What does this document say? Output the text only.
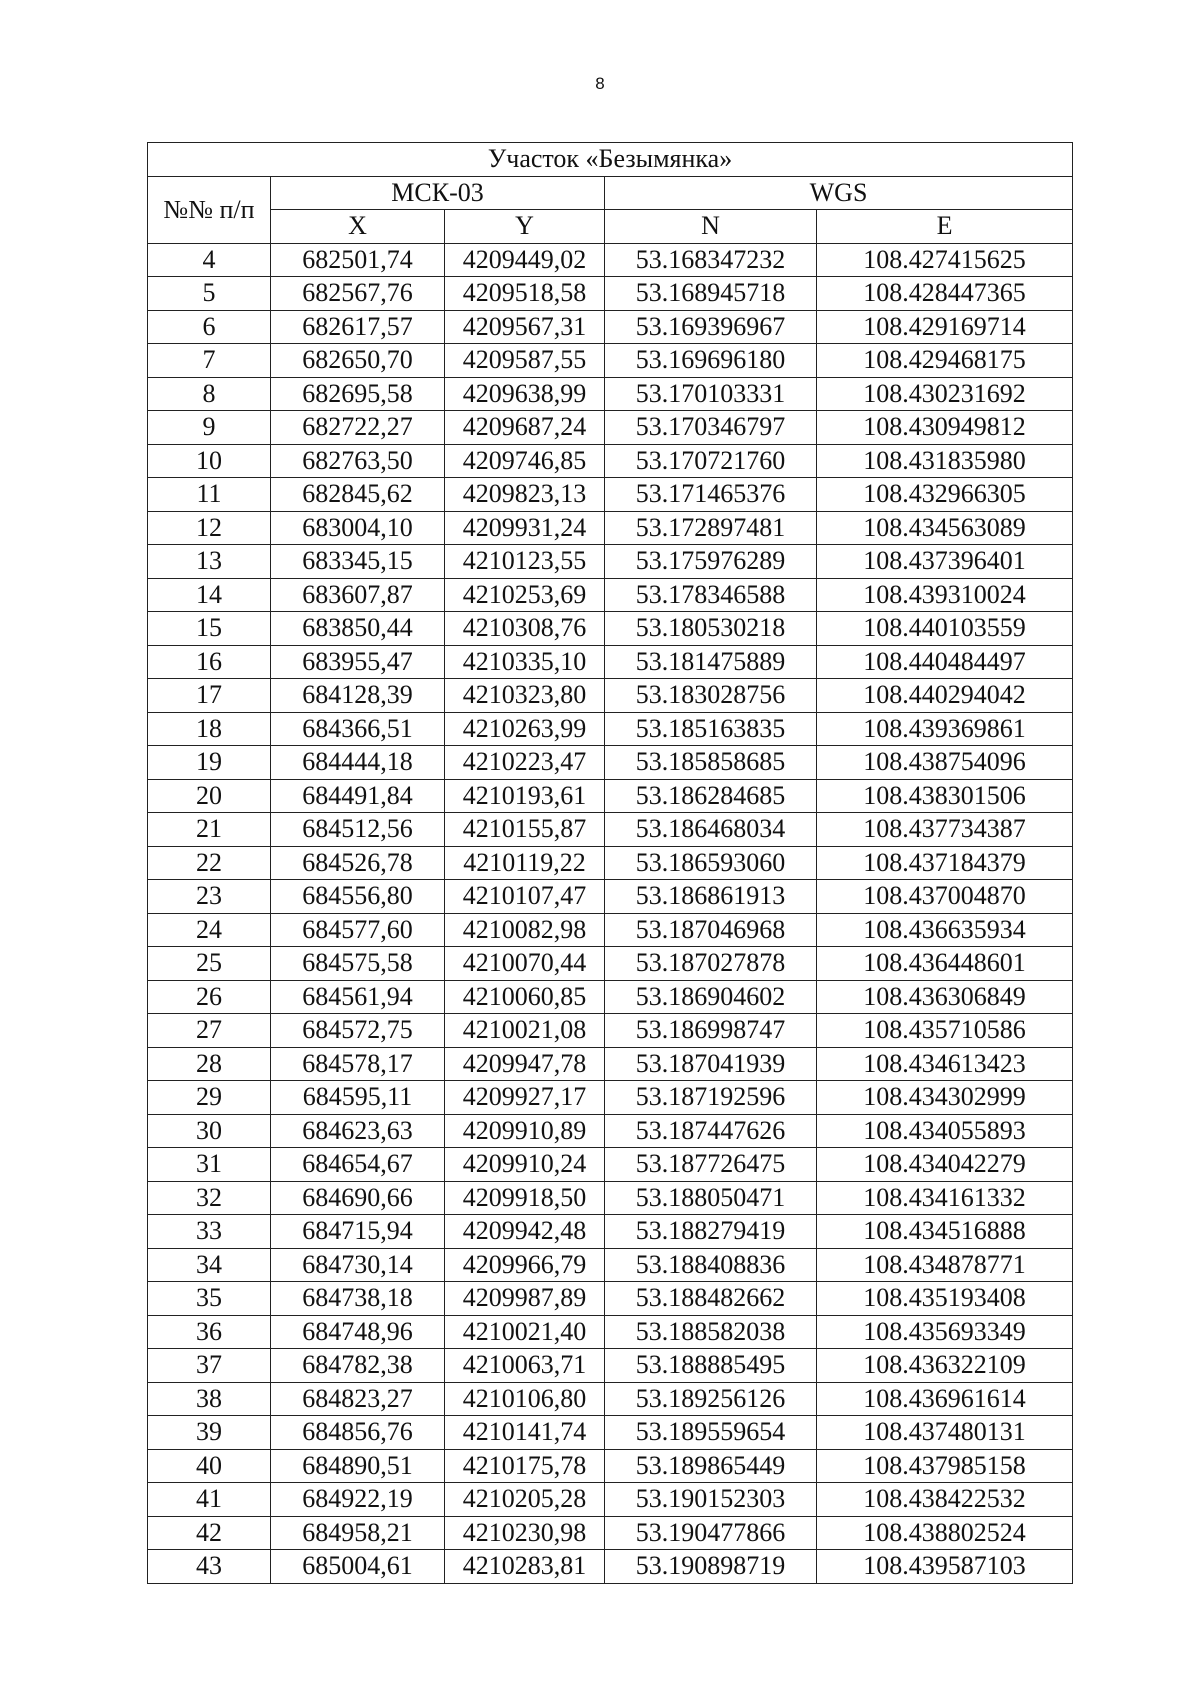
8
Участок «Безымянка»				
№№ п/п	МСК-03		WGS	
	X	Y	N	E
4	682501,74	4209449,02	53.168347232	108.427415625
5	682567,76	4209518,58	53.168945718	108.428447365
6	682617,57	4209567,31	53.169396967	108.429169714
7	682650,70	4209587,55	53.169696180	108.429468175
8	682695,58	4209638,99	53.170103331	108.430231692
9	682722,27	4209687,24	53.170346797	108.430949812
10	682763,50	4209746,85	53.170721760	108.431835980
11	682845,62	4209823,13	53.171465376	108.432966305
12	683004,10	4209931,24	53.172897481	108.434563089
13	683345,15	4210123,55	53.175976289	108.437396401
14	683607,87	4210253,69	53.178346588	108.439310024
15	683850,44	4210308,76	53.180530218	108.440103559
16	683955,47	4210335,10	53.181475889	108.440484497
17	684128,39	4210323,80	53.183028756	108.440294042
18	684366,51	4210263,99	53.185163835	108.439369861
19	684444,18	4210223,47	53.185858685	108.438754096
20	684491,84	4210193,61	53.186284685	108.438301506
21	684512,56	4210155,87	53.186468034	108.437734387
22	684526,78	4210119,22	53.186593060	108.437184379
23	684556,80	4210107,47	53.186861913	108.437004870
24	684577,60	4210082,98	53.187046968	108.436635934
25	684575,58	4210070,44	53.187027878	108.436448601
26	684561,94	4210060,85	53.186904602	108.436306849
27	684572,75	4210021,08	53.186998747	108.435710586
28	684578,17	4209947,78	53.187041939	108.434613423
29	684595,11	4209927,17	53.187192596	108.434302999
30	684623,63	4209910,89	53.187447626	108.434055893
31	684654,67	4209910,24	53.187726475	108.434042279
32	684690,66	4209918,50	53.188050471	108.434161332
33	684715,94	4209942,48	53.188279419	108.434516888
34	684730,14	4209966,79	53.188408836	108.434878771
35	684738,18	4209987,89	53.188482662	108.435193408
36	684748,96	4210021,40	53.188582038	108.435693349
37	684782,38	4210063,71	53.188885495	108.436322109
38	684823,27	4210106,80	53.189256126	108.436961614
39	684856,76	4210141,74	53.189559654	108.437480131
40	684890,51	4210175,78	53.189865449	108.437985158
41	684922,19	4210205,28	53.190152303	108.438422532
42	684958,21	4210230,98	53.190477866	108.438802524
43	685004,61	4210283,81	53.190898719	108.439587103
